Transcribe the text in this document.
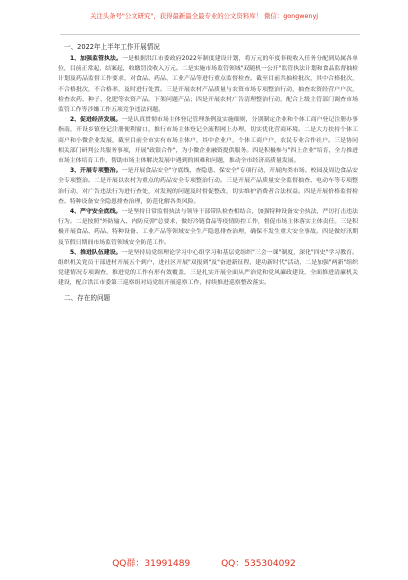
关注头条号"公文研究"，获得最新最全最专业的公文资料库！ 微信：gongwenyj
一、2022年上半年工作开展情况

1、加强监管执法。一是根据洪江市委政府2022年制度建设计划，将万元的年度非税收入任务分配到局属各单位，目前正常起，结案起，收缴罚没收入万元。二是实施市场监管领域"双随机一公开"监管执法计划和食品监督抽检计划及药品监督工作要求，对食品、药品、工业产品等进行重点监督检查。截至目前共抽检批次，其中合格批次，不合格批次，不合格率，及时进行处置。三是开展农村产品质量与农资市场专项整治行动，抽查农资经营户户次，检查农药、种子、化肥等农资产品，下架问题产品；四是开展农村广告清理整治行动，配合上级主管部门调查市场监管工作等涉嫌工作五项竞争违法问题。

2、促进经济发展。一是认真贯彻市场主体登记管理条例及实施细则，分别制定企业和个体工商户登记注册办事指南，开设乡镇登记注册便利窗口，推行市场主体登记全流程网上办理，切实优化营商环境。二是大力扶持个体工商户和小微企业发展，截至目前全市实有市场主体户，其中企业户，个体工商户户，农民专业合作社户。三是协同相关部门研判公共服务事项，开展"政银合作"，为小微企业融资提供服务。四是积极参与"四上企业"培育，全力推进市场主体培育工作，帮助市场主体解决发展中遇到的困难和问题，推动全市经济高质量发展。

3、开展专项整治。一是开展食品安全"守底线、查隐患、保安全"专项行动，开展肉类市场、校园及周边食品安全专项整治。二是开展以农村为重点的药品安全专项整治行动。三是开展产品质量安全监督抽查、电动车等专项整治行动，对广告违法行为进行查处，对发现的问题及时督促整改，切实维护消费者合法权益。四是开展价格监督检查、特种设备安全隐患排查治理，防范化解各类风险。

4、严守安全底线。一是坚持日常监督执法与领导干部带队检查相结合，加强特种设备安全执法，严厉打击违法行为。二是按照"外防输入、内防反弹"总要求，做好冷链食品等疫情防控工作，督促市场主体落实主体责任。三是积极开展食品、药品、特种设备、工业产品等领域安全生产隐患排查治理，确保不发生重大安全事故。四是做好汛期及节假日期间市场监管领域安全防范工作。

5、推进队伍建设。一是坚持局党组理论学习中心组学习和基层党组织"三会一课"制度，深化"四史"学习教育。组织机关党员干部进村开展五个到户，进社区开展"双报到"及"奋进新征程，建功新时代"活动，二是加强"两新"组织党建情况专项调查，推进党的工作有形有效覆盖，三是扎实开展全面从严治党和党风廉政建设，全面推进清廉机关建设，配合洪江市委第三巡察组对局党组开展巡察工作，持续推进巡察整改落实。

二、存在的问题
QQ群：31991489	QQ：535304092
